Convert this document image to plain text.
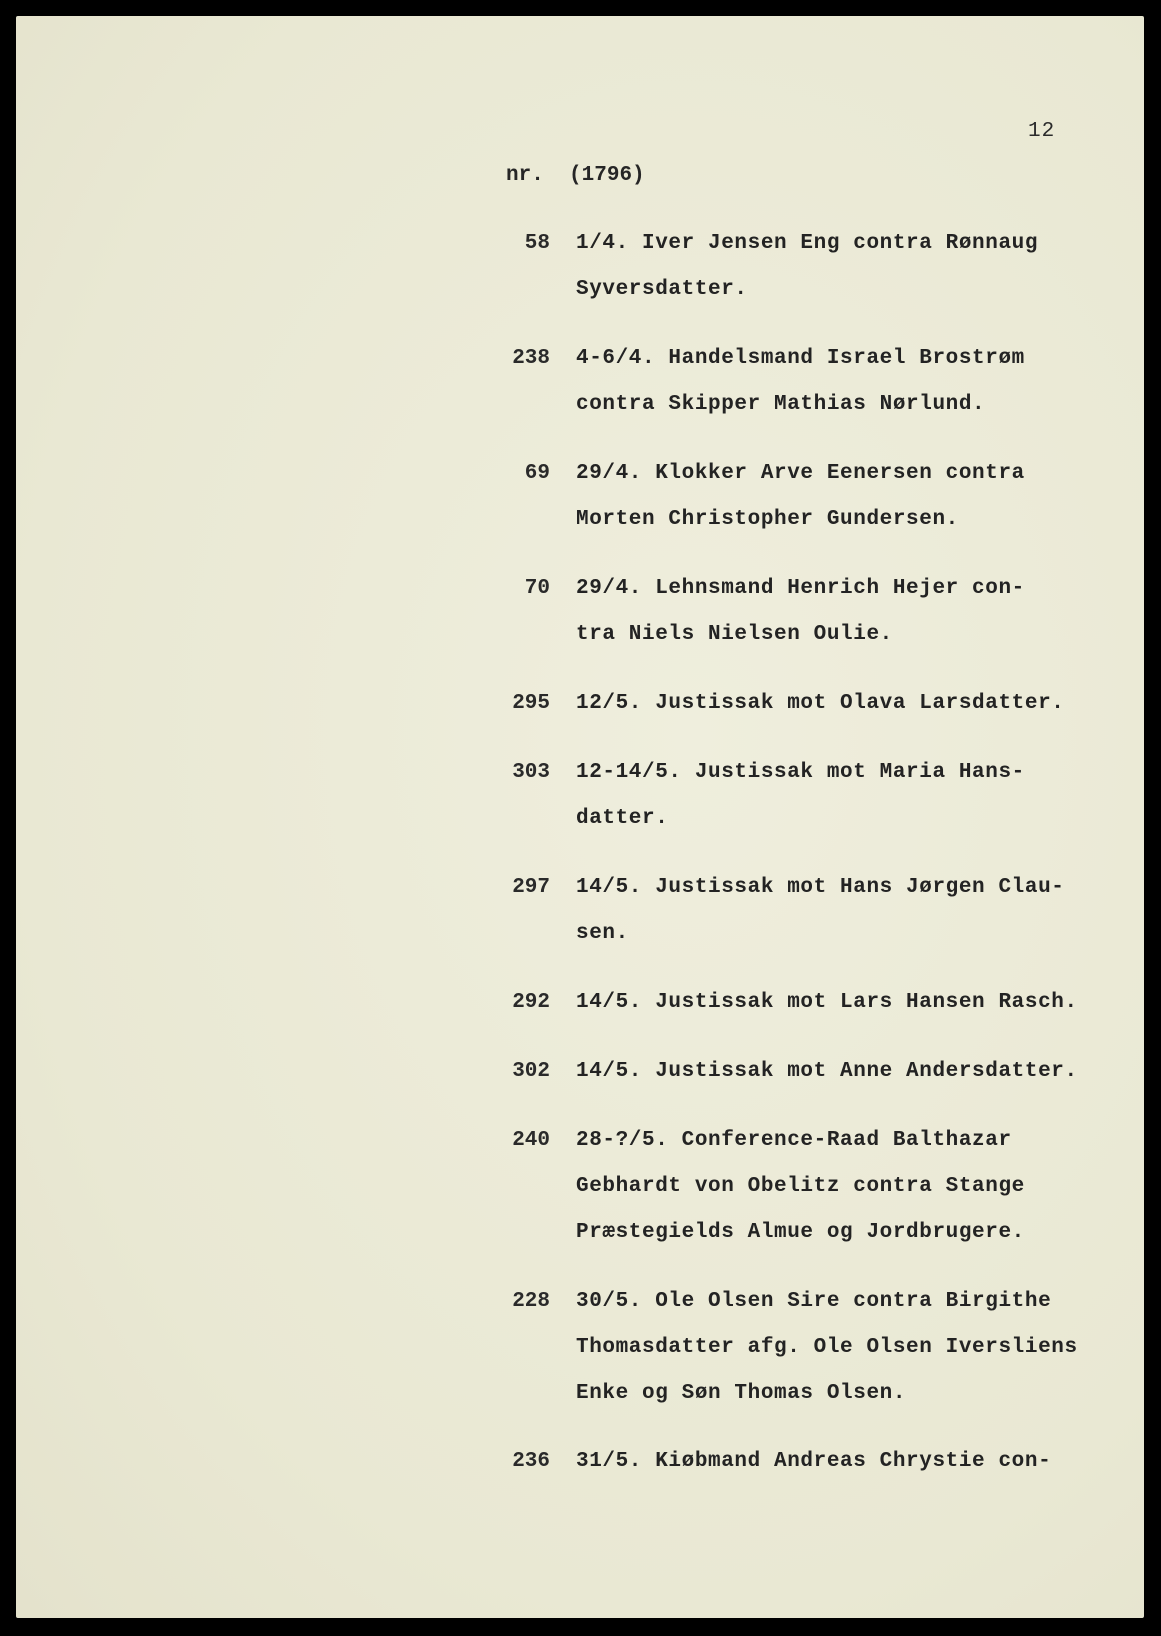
12
nr. (1796)
58 1/4. Iver Jensen Eng contra Rønnaug
Syversdatter.
238 4-6/4. Handelsmand Israel Brostrøm
contra Skipper Mathias Nørlund.
69 29/4. Klokker Arve Eenersen contra
Morten Christopher Gundersen.
70 29/4. Lehnsmand Henrich Hejer con-
tra Niels Nielsen Oulie.
295 12/5. Justissak mot Olava Larsdatter.
303 12-14/5. Justissak mot Maria Hans-
datter.
297 14/5. Justissak mot Hans Jørgen Clau-
sen.
292 14/5. Justissak mot Lars Hansen Rasch.
302 14/5. Justissak mot Anne Andersdatter.
240 28-?/5. Conference-Raad Balthazar
Gebhardt von Obelitz contra Stange
Præstegields Almue og Jordbrugere.
228 30/5. Ole Olsen Sire contra Birgithe
Thomasdatter afg. Ole Olsen Iversliens
Enke og Søn Thomas Olsen.
236 31/5. Kiøbmand Andreas Chrystie con-
